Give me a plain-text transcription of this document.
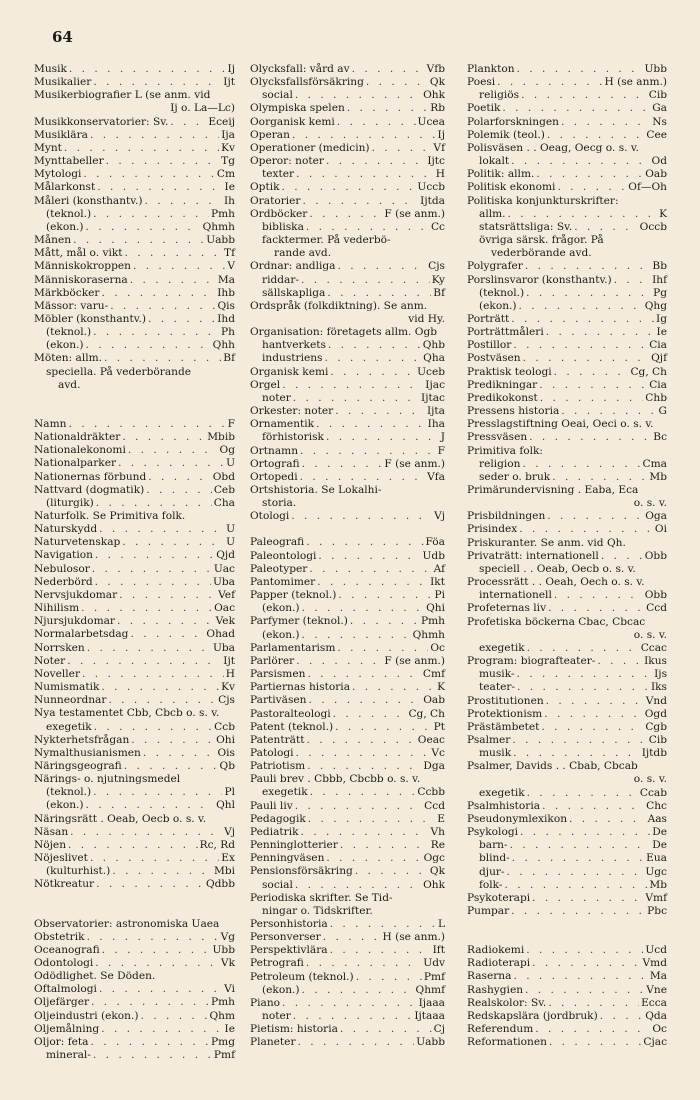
64
Musik . . .	Ij
Musikalier . . .	Ijt
Musikerbiografier L (se anm. vid
Ij o. La—Lc)
Musikkonservatorier: Sv. . . .	Eceij
Musiklära . . .	Ija
Mynt . . .	Kv
Mynttabeller . . .	Tg
Mytologi . . .	Cm
Målarkonst . . .	Ie
Måleri (konsthantv.) . . .	Ih
(teknol.) . . .	Pmh
(ekon.) . . .	Qhmh
Månen . . .	Uabb
Mått, mål o. vikt . . .	Tf
Människokroppen . . .	V
Människoraserna . . .	Ma
Märkböcker . . .	Ihb
Mässor: varu- . . .	Qis
Möbler (konsthantv.) . . .	Ihd
(teknol.) . . .	Ph
(ekon.) . . .	Qhh
Möten: allm. . . .	Bf
speciella. På vederbörande
avd.
Namn . . .	F
Nationaldräkter . . .	Mbib
Nationalekonomi . . .	Og
Nationalparker . . .	U
Nationernas förbund . . .	Obd
Nattvard (dogmatik) . . .	Ceb
(liturgik) . . .	Cha
Naturfolk. Se Primitiva folk.
Naturskydd . . .	U
Naturvetenskap . . .	U
Navigation . . .	Qjd
Nebulosor . . .	Uac
Nederbörd . . .	Uba
Nervsjukdomar . . .	Vef
Nihilism . . .	Oac
Njursjukdomar . . .	Vek
Normalarbetsdag . . .	Ohad
Norrsken . . .	Uba
Noter . . .	Ijt
Noveller . . .	H
Numismatik . . .	Kv
Nunneordnar . . .	Cjs
Nya testamentet Cbb, Cbcb o. s. v.
exegetik . . .	Ccb
Nykterhetsfrågan . . .	Ohi
Nymalthusianismen . . .	Ois
Näringsgeografi . . .	Qb
Närings- o. njutningsmedel
(teknol.) . . .	Pl
(ekon.) . . .	Qhl
Näringsrätt . Oeab, Oecb o. s. v.
Näsan . . .	Vj
Nöjen . . .	Rc, Rd
Nöjeslivet . . .	Ex
(kulturhist.) . . .	Mbi
Nötkreatur . . .	Qdbb
Observatorier: astronomiska Uaea
Obstetrik . . .	Vg
Oceanografi . . .	Ubb
Odontologi . . .	Vk
Odödlighet. Se Döden.
Oftalmologi . . .	Vi
Oljefärger . . .	Pmh
Oljeindustri (ekon.) . . .	Qhm
Oljemålning . . .	Ie
Oljor: feta . . .	Pmg
mineral- . . .	Pmf
Olycksfall: vård av . . .	Vfb
Olycksfallsförsäkring . . .	Qk
social . . .	Ohk
Olympiska spelen . . .	Rb
Oorganisk kemi . . .	Ucea
Operan . . .	Ij
Operationer (medicin) . . .	Vf
Operor: noter . . .	Ijtc
texter . . .	H
Optik . . .	Uccb
Oratorier . . .	Ijtda
Ordböcker . . .	F (se anm.)
bibliska . . .	Cc
facktermer. På vederbö-
rande avd.
Ordnar: andliga . . .	Cjs
riddar- . . .	Ky
sällskapliga . . .	Bf
Ordspråk (folkdiktning). Se anm.
vid Hy.
Organisation: företagets allm. Ogb
hantverkets . . .	Qhb
industriens . . .	Qha
Organisk kemi . . .	Uceb
Orgel . . .	Ijac
noter . . .	Ijtac
Orkester: noter . . .	Ijta
Ornamentik . . .	Iha
förhistorisk . . .	J
Ortnamn . . .	F
Ortografi . . .	F (se anm.)
Ortopedi . . .	Vfa
Ortshistoria. Se Lokalhi-
storia.
Otologi . . .	Vj
Paleografi . . .	Föa
Paleontologi . . .	Udb
Paleotyper . . .	Af
Pantomimer . . .	Ikt
Papper (teknol.) . . .	Pi
(ekon.) . . .	Qhi
Parfymer (teknol.) . . .	Pmh
(ekon.) . . .	Qhmh
Parlamentarism . . .	Oc
Parlörer . . .	F (se anm.)
Parsismen . . .	Cmf
Partiernas historia . . .	K
Partiväsen . . .	Oab
Pastoralteologi . . .	Cg, Ch
Patent (teknol.) . . .	Pt
Patenträtt . . .	Oeac
Patologi . . .	Vc
Patriotism . . .	Dga
Pauli brev . Cbbb, Cbcbb o. s. v.
exegetik . . .	Ccbb
Pauli liv . . .	Ccd
Pedagogik . . .	E
Pediatrik . . .	Vh
Penninglotterier . . .	Re
Penningväsen . . .	Ogc
Pensionsförsäkring . . .	Qk
social . . .	Ohk
Periodiska skrifter. Se Tid-
ningar o. Tidskrifter.
Personhistoria . . .	L
Personverser . . .	H (se anm.)
Perspektivlära . . .	Ift
Petrografi . . .	Udv
Petroleum (teknol.) . . .	Pmf
(ekon.) . . .	Qhmf
Piano . . .	Ijaaa
noter . . .	Ijtaaa
Pietism: historia . . .	Cj
Planeter . . .	Uabb
Plankton . . .	Ubb
Poesi . . .	H (se anm.)
religiös . . .	Cib
Poetik . . .	Ga
Polarforskningen . . .	Ns
Polemik (teol.) . . .	Cee
Polisväsen . . Oeag, Oecg o. s. v.
lokalt . . .	Od
Politik: allm. . . .	Oab
Politisk ekonomi . . .	Of—Oh
Politiska konjunkturskrifter:
allm. . . .	K
statsrättsliga: Sv. . . .	Occb
övriga särsk. frågor. På
vederbörande avd.
Polygrafer . . .	Bb
Porslinsvaror (konsthantv.) . . .	Ihf
(teknol.) . . .	Pg
(ekon.) . . .	Qhg
Porträtt . . .	Ig
Porträttmåleri . . .	Ie
Postillor . . .	Cia
Postväsen . . .	Qjf
Praktisk teologi . . .	Cg, Ch
Predikningar . . .	Cia
Predikokonst . . .	Chb
Pressens historia . . .	G
Presslagstiftning Oeai, Oeci o. s. v.
Pressväsen . . .	Bc
Primitiva folk:
religion . . .	Cma
seder o. bruk . . .	Mb
Primärundervisning . Eaba, Eca
o. s. v.
Prisbildningen . . .	Oga
Prisindex . . .	Oi
Priskuranter. Se anm. vid Qh.
Privaträtt: internationell . . .	Obb
speciell . . Oeab, Oecb o. s. v.
Processrätt . . Oeah, Oech o. s. v.
internationell . . .	Obb
Profeternas liv . . .	Ccd
Profetiska böckerna Cbac, Cbcac
o. s. v.
exegetik . . .	Ccac
Program: biografteater- . . .	Ikus
musik- . . .	Ijs
teater- . . .	Iks
Prostitutionen . . .	Vnd
Protektionism . . .	Ogd
Prästämbetet . . .	Cgb
Psalmer . . .	Cib
musik . . .	Ijtdb
Psalmer, Davids . . Cbab, Cbcab
o. s. v.
exegetik . . .	Ccab
Psalmhistoria . . .	Chc
Pseudonymlexikon . . .	Aas
Psykologi . . .	De
barn- . . .	De
blind- . . .	Eua
djur- . . .	Ugc
folk- . . .	Mb
Psykoterapi . . .	Vmf
Pumpar . . .	Pbc
Radiokemi . . .	Ucd
Radioterapi . . .	Vmd
Raserna . . .	Ma
Rashygien . . .	Vne
Realskolor: Sv. . . .	Ecca
Redskapslära (jordbruk) . . .	Qda
Referendum . . .	Oc
Reformationen . . .	Cjac
